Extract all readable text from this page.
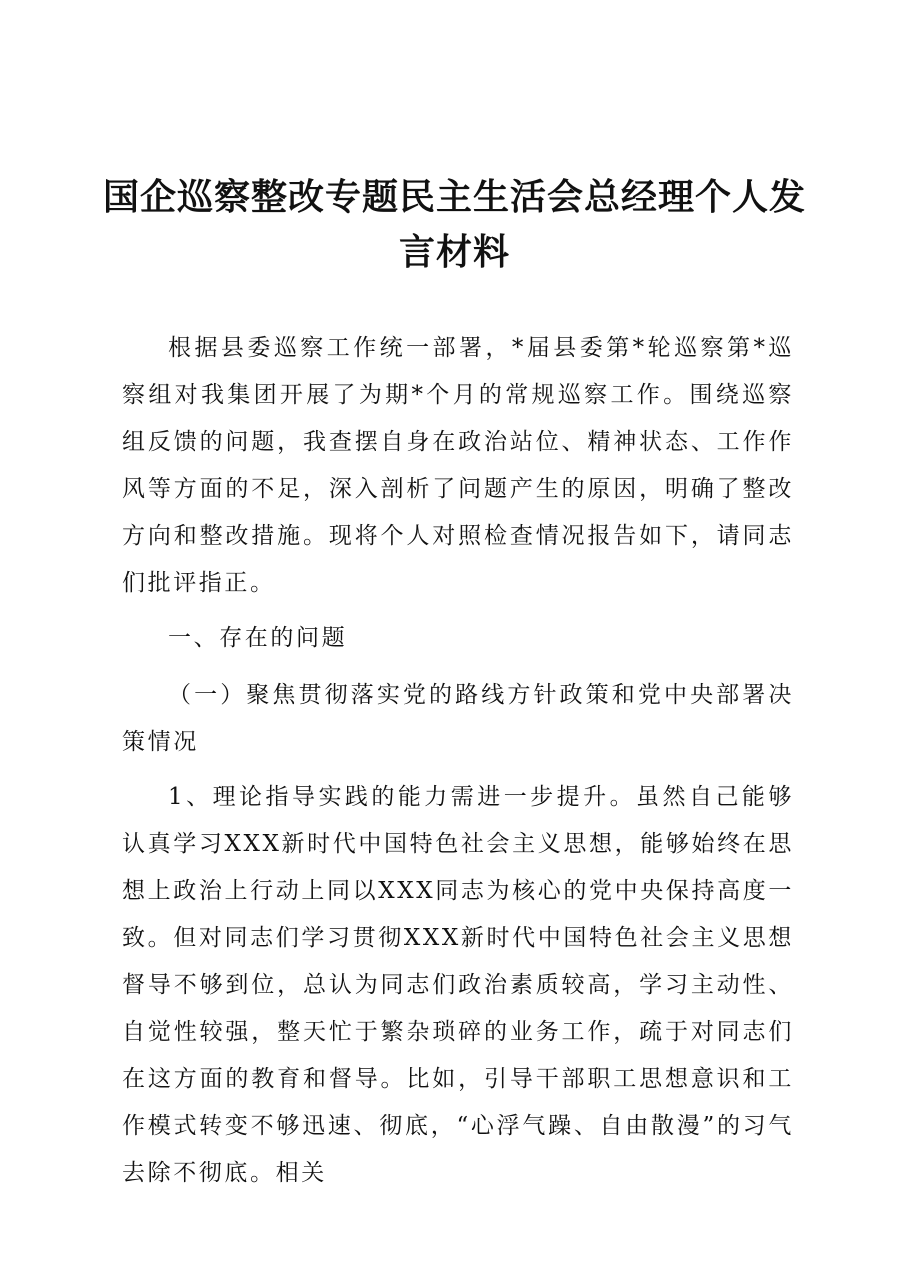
国企巡察整改专题民主生活会总经理个人发言材料

根据县委巡察工作统一部署，*届县委第*轮巡察第*巡察组对我集团开展了为期*个月的常规巡察工作。围绕巡察组反馈的问题，我查摆自身在政治站位、精神状态、工作作风等方面的不足，深入剖析了问题产生的原因，明确了整改方向和整改措施。现将个人对照检查情况报告如下，请同志们批评指正。

一、存在的问题

（一）聚焦贯彻落实党的路线方针政策和党中央部署决策情况

1、理论指导实践的能力需进一步提升。虽然自己能够认真学习XXX新时代中国特色社会主义思想，能够始终在思想上政治上行动上同以XXX同志为核心的党中央保持高度一致。但对同志们学习贯彻XXX新时代中国特色社会主义思想督导不够到位，总认为同志们政治素质较高，学习主动性、自觉性较强，整天忙于繁杂琐碎的业务工作，疏于对同志们在这方面的教育和督导。比如，引导干部职工思想意识和工作模式转变不够迅速、彻底，“心浮气躁、自由散漫”的习气去除不彻底。相关
